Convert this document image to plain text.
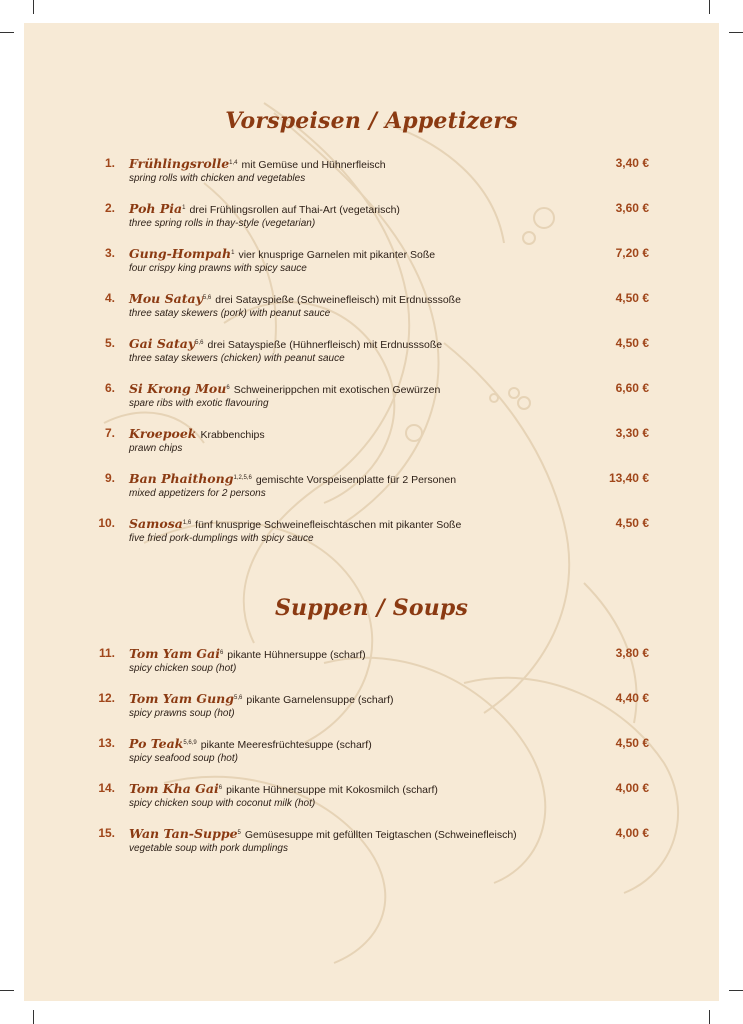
Vorspeisen / Appetizers
1. Frühlingsrolle$^{1,4}$ mit Gemüse und Hühnerfleisch
spring rolls with chicken and vegetables
3,40 €
2. Poh Pia$^1$ drei Frühlingsrollen auf Thai-Art (vegetarisch)
three spring rolls in thay-style (vegetarian)
3,60 €
3. Gung-Hompah$^1$ vier knusprige Garnelen mit pikanter Soße
four crispy king prawns with spicy sauce
7,20 €
4. Mou Satay$^{5,6}$ drei Satayspieße (Schweinefleisch) mit Erdnusssoße
three satay skewers (pork) with peanut sauce
4,50 €
5. Gai Satay$^{5,6}$ drei Satayspieße (Hühnerfleisch) mit Erdnusssoße
three satay skewers (chicken) with peanut sauce
4,50 €
6. Si Krong Mou$^6$ Schweinerippchen mit exotischen Gewürzen
spare ribs with exotic flavouring
6,60 €
7. Kroepoek Krabbenchips
prawn chips
3,30 €
9. Ban Phaithong$^{1,2,5,6}$ gemischte Vorspeisenplatte für 2 Personen
mixed appetizers for 2 persons
13,40 €
10. Samosa$^{1,6}$ fünf knusprige Schweinefleischtaschen mit pikanter Soße
five fried pork-dumplings with spicy sauce
4,50 €
Suppen / Soups
11. Tom Yam Gai$^6$ pikante Hühnersuppe (scharf)
spicy chicken soup (hot)
3,80 €
12. Tom Yam Gung$^{5,6}$ pikante Garnelensuppe (scharf)
spicy prawns soup (hot)
4,40 €
13. Po Teak$^{5,6,9}$ pikante Meeresfrüchtesuppe (scharf)
spicy seafood soup (hot)
4,50 €
14. Tom Kha Gai$^6$ pikante Hühnersuppe mit Kokosmilch (scharf)
spicy chicken soup with coconut milk (hot)
4,00 €
15. Wan Tan-Suppe$^5$ Gemüsesuppe mit gefüllten Teigtaschen (Schweinefleisch)
vegetable soup with pork dumplings
4,00 €
